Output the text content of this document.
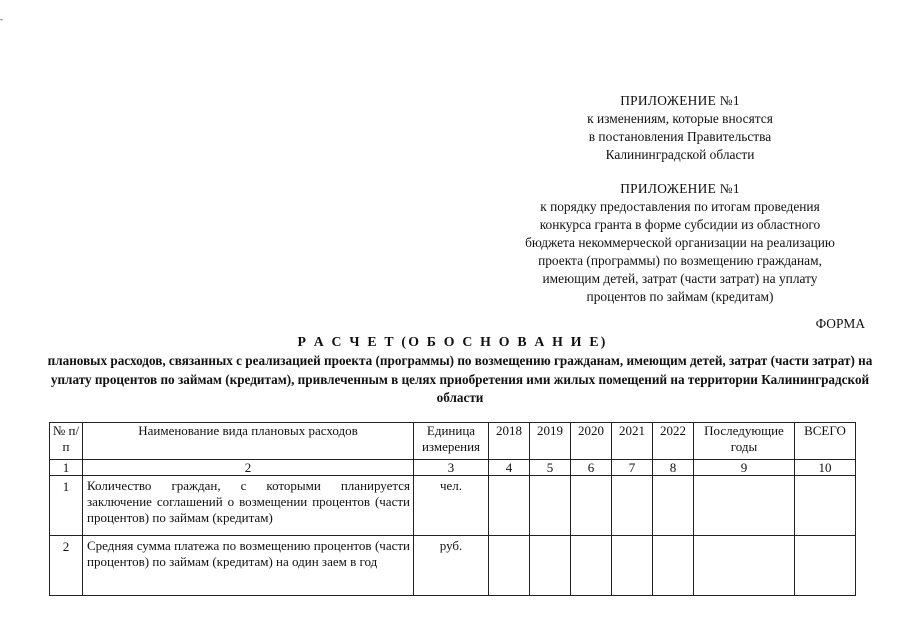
-
ПРИЛОЖЕНИЕ №1
к изменениям, которые вносятся
в постановления Правительства
Калининградской области
ПРИЛОЖЕНИЕ №1
к порядку предоставления по итогам проведения
конкурса гранта в форме субсидии из областного
бюджета некоммерческой организации на реализацию
проекта (программы) по возмещению гражданам,
имеющим детей, затрат (части затрат) на уплату
процентов по займам (кредитам)
ФОРМА
Р А С Ч Е Т (О Б О С Н О В А Н И Е)
плановых расходов, связанных с реализацией проекта (программы) по возмещению гражданам, имеющим детей, затрат (части затрат) на уплату процентов по займам (кредитам), привлеченным в целях приобретения ими жилых помещений на территории Калининградской области
№ п/п	Наименование вида плановых расходов	Единица измерения	2018	2019	2020	2021	2022	Последующие годы	ВСЕГО
1	2	3	4	5	6	7	8	9	10
1	Количество граждан, с которыми планируется заключение соглашений о возмещении процентов (части процентов) по займам (кредитам)	чел.							
2	Средняя сумма платежа по возмещению процентов (части процентов) по займам (кредитам) на один заем в год	руб.							
